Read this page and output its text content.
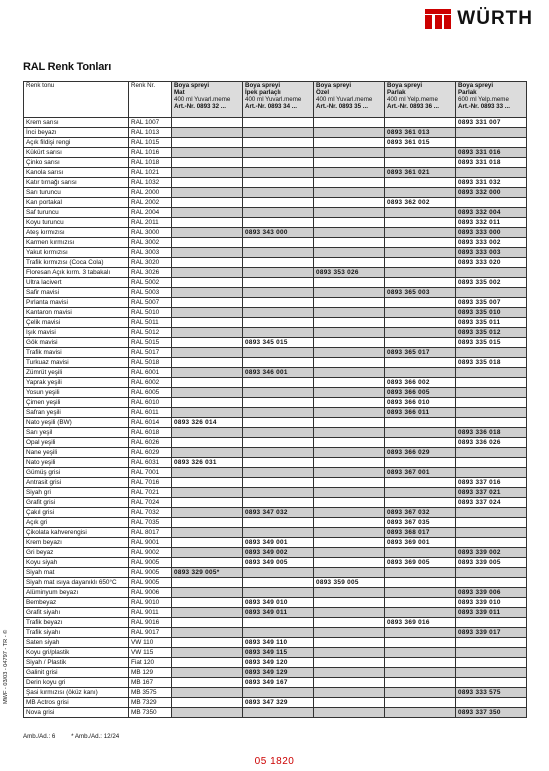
WÜRTH
RAL Renk Tonları
Renk tonu	Renk Nr.	Boya spreyi
Mat
400 ml Yuvarl.meme
Art.-Nr. 0893 32 ...	Boya spreyi
İpek parlaçlı
400 ml Yuvarl.meme
Art.-Nr. 0893 34 ...	Boya spreyi
Özel
400 ml Yuvarl.meme
Art.-Nr. 0893 35 ...	Boya spreyi
Parlak
400 ml Yelp.meme
Art.-Nr. 0893 36 ...	Boya spreyi
Parlak
600 ml Yelp.meme
Art.-Nr. 0893 33 ...

Krem sarısı	RAL 1007					0893 331 007
İnci beyazı	RAL 1013				0893 361 013	
Açık fildişi rengi	RAL 1015				0893 361 015	
Kükürt sarısı	RAL 1016					0893 331 016
Çinko sarısı	RAL 1018					0893 331 018
Kanola sarısı	RAL 1021				0893 361 021	
Katır tırnağı sarısı	RAL 1032					0893 331 032
Sarı turuncu	RAL 2000					0893 332 000
Kan portakal	RAL 2002				0893 362 002	
Saf turuncu	RAL 2004					0893 332 004
Koyu turuncu	RAL 2011					0893 332 011
Ateş kırmızısı	RAL 3000		0893 343 000			0893 333 000
Karmen kırmızısı	RAL 3002					0893 333 002
Yakut kırmızısı	RAL 3003					0893 333 003
Trafik kırmızısı (Coca Cola)	RAL 3020					0893 333 020
Floresan Açık kırm. 3 tabakalı	RAL 3026			0893 353 026		
Ultra lacivert	RAL 5002					0893 335 002
Safir mavisi	RAL 5003				0893 365 003	
Pırlanta mavisi	RAL 5007					0893 335 007
Kantaron mavisi	RAL 5010					0893 335 010
Çelik mavisi	RAL 5011					0893 335 011
Işık mavisi	RAL 5012					0893 335 012
Gök mavisi	RAL 5015		0893 345 015			0893 335 015
Trafik mavisi	RAL 5017				0893 365 017	
Turkuaz mavisi	RAL 5018					0893 335 018
Zümrüt yeşili	RAL 6001		0893 346 001			
Yaprak yeşili	RAL 6002				0893 366 002	
Yosun yeşili	RAL 6005				0893 366 005	
Çimen yeşili	RAL 6010				0893 366 010	
Safran yeşili	RAL 6011				0893 366 011	
Nato yeşili (BW)	RAL 6014	0893 326 014				
Sarı yeşil	RAL 6018					0893 336 018
Opal yeşili	RAL 6026					0893 336 026
Nane yeşili	RAL 6029				0893 366 029	
Nato yeşili	RAL 6031	0893 326 031				
Gümüş grisi	RAL 7001				0893 367 001	
Antrasit grisi	RAL 7016					0893 337 016
Siyah gri	RAL 7021					0893 337 021
Grafit grisi	RAL 7024					0893 337 024
Çakıl grisi	RAL 7032		0893 347 032		0893 367 032	
Açık gri	RAL 7035				0893 367 035	
Çikolata kahverengisi	RAL 8017				0893 368 017	
Krem beyazı	RAL 9001		0893 349 001		0893 369 001	
Gri beyaz	RAL 9002		0893 349 002			0893 339 002
Koyu siyah	RAL 9005		0893 349 005		0893 369 005	0893 339 005
Siyah mat	RAL 9005	0893 329 005*				
Siyah mat ısıya dayanıklı 650°C	RAL 9005			0893 359 005		
Alüminyum beyazı	RAL 9006					0893 339 006
Bembeyaz	RAL 9010		0893 349 010			0893 339 010
Grafit siyahı	RAL 9011		0893 349 011			0893 339 011
Trafik beyazı	RAL 9016				0893 369 016	
Trafik siyahı	RAL 9017					0893 339 017
Saten siyah	VW 110		0893 349 110			
Koyu gri/plastik	VW 115		0893 349 115			
Siyah / Plastik	Fiat 120		0893 349 120			
Galinit grisi	MB 129		0893 349 129			
Derin koyu gri	MB 167		0893 349 167			
Şasi kırmızısı (öküz kanı)	MB 3575					0893 333 575
MB Actros grisi	MB 7329		0893 347 329			
Nova grisi	MB 7350					0893 337 350
MWF - 03/03 - 04797 - TR - ©
Amb./Ad.: 6	* Amb./Ad.: 12/24
05 1820
